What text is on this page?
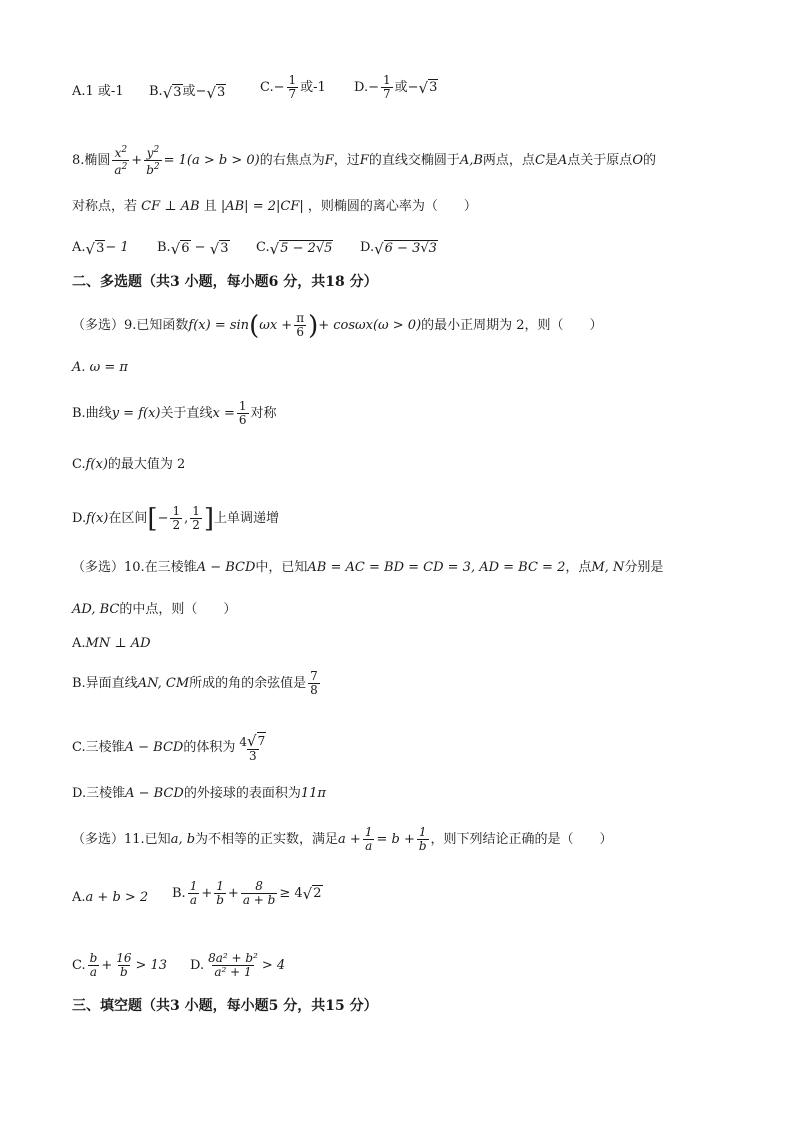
A.1 或-1 B. √ 3 或− √ 3	$C.- \frac{1}{7}$ 或-1 $D.- \frac{1}{7}$ 或− √ 3
8.椭圆 $\frac{x^2}{a^2} + \frac{y^2}{b^2} = 1(a > b > 0)$ 的右焦点为 F ，过 F 的直线交椭圆于 A,B 两点，点 C 是 A 点关于原点 O 的
对称点，若 CF ⊥ AB 且 |AB| = 2|CF| ，则椭圆的离心率为（　　）
A. √ 3 − 1 B. √ 6 − √ 3 C. √ 5 − 2√5 D. √ 6 − 3√3
二、多选题（共3 小题，每小题6 分，共18 分）
（多选）9.已知函数 f(x) = sin ( $\omega x + \frac{\pi}{6}$ ) + cosωx(ω > 0) 的最小正周期为 2，则（　　）
A. ω = π
B.曲线 y = f(x) 关于直线 $x = \frac{1}{6}$ 对称
C.f(x)的最大值为 2
D. f(x) 在区间 [ − $\frac{1}{2}$ , $\frac{1}{2}$ ] 上单调递增
（多选）10.在三棱锥A − BCD中，已知AB = AC = BD = CD = 3, AD = BC = 2，点M, N分别是
AD, BC的中点，则（　　）
A.MN ⊥ AD
B.异面直线 AN, CM 所成的角的余弦值是 $\frac{7}{8}$
C.三棱锥 A − BCD 的体积为 $\frac{4 √ 7}{3}$
D.三棱锥A − BCD的外接球的表面积为11π
（多选）11.已知 a, b 为不相等的正实数，满足 $a + \frac{1}{a} = b + \frac{1}{b}$ ，则下列结论正确的是（　　）
A. a + b > 2 B. $\frac{1}{a} + \frac{1}{b} + \frac{8}{a + b} \ge 4$ √ 2
C. $\frac{b}{a} + \frac{16}{b} > 13$ D. $\frac{\text{8a² + b²}}{\text{a² + 1}} > 4$
三、填空题（共3 小题，每小题5 分，共15 分）
